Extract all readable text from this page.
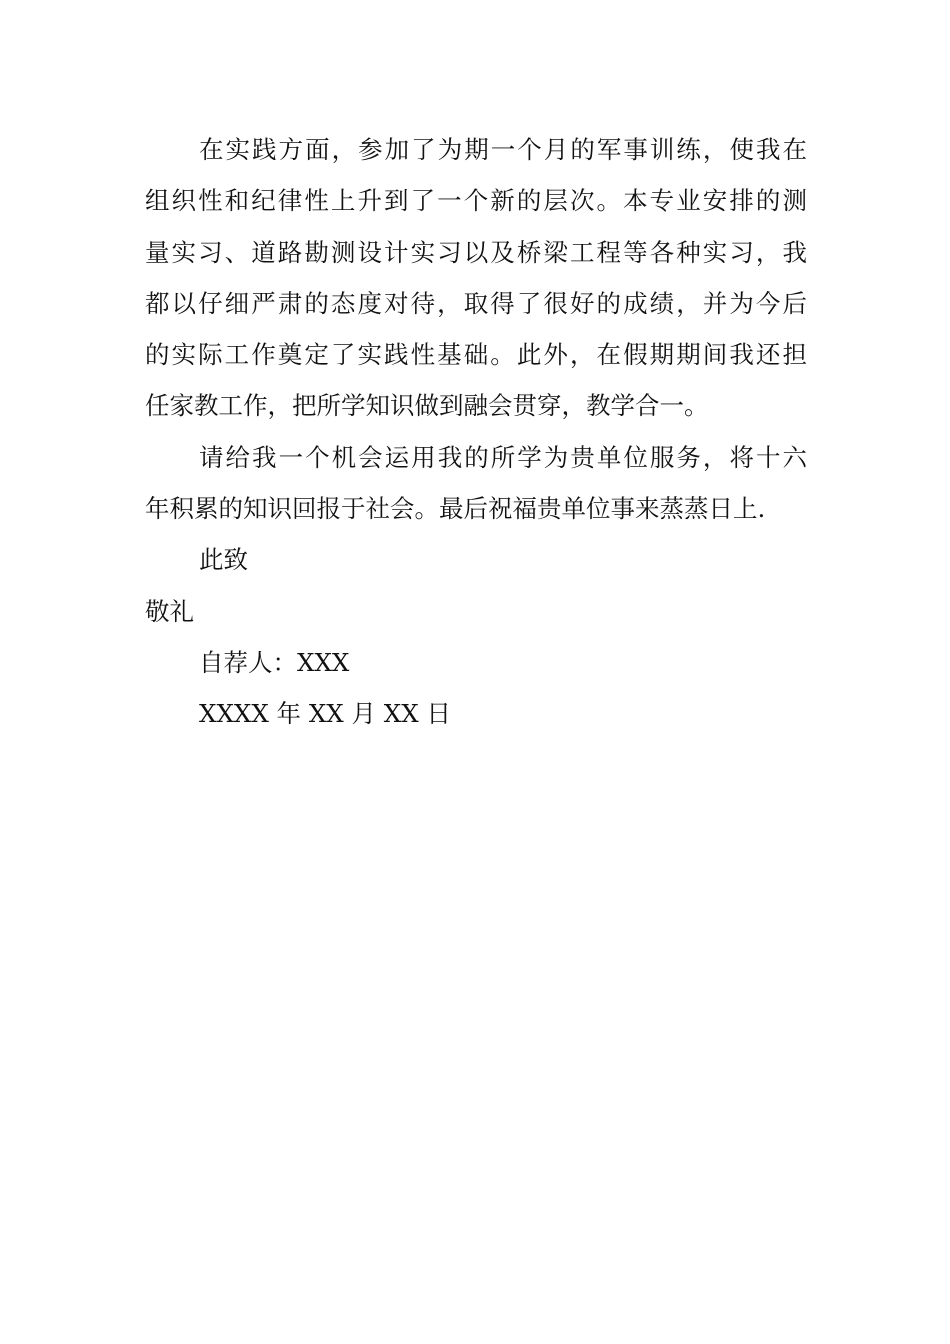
在实践方面，参加了为期一个月的军事训练，使我在
组织性和纪律性上升到了一个新的层次。本专业安排的测
量实习、道路勘测设计实习以及桥梁工程等各种实习，我
都以仔细严肃的态度对待，取得了很好的成绩，并为今后
的实际工作奠定了实践性基础。此外，在假期期间我还担
任家教工作，把所学知识做到融会贯穿，教学合一。
请给我一个机会运用我的所学为贵单位服务，将十六
年积累的知识回报于社会。最后祝福贵单位事来蒸蒸日上.
此致
敬礼
自荐人：XXX
XXXX 年 XX 月 XX 日
